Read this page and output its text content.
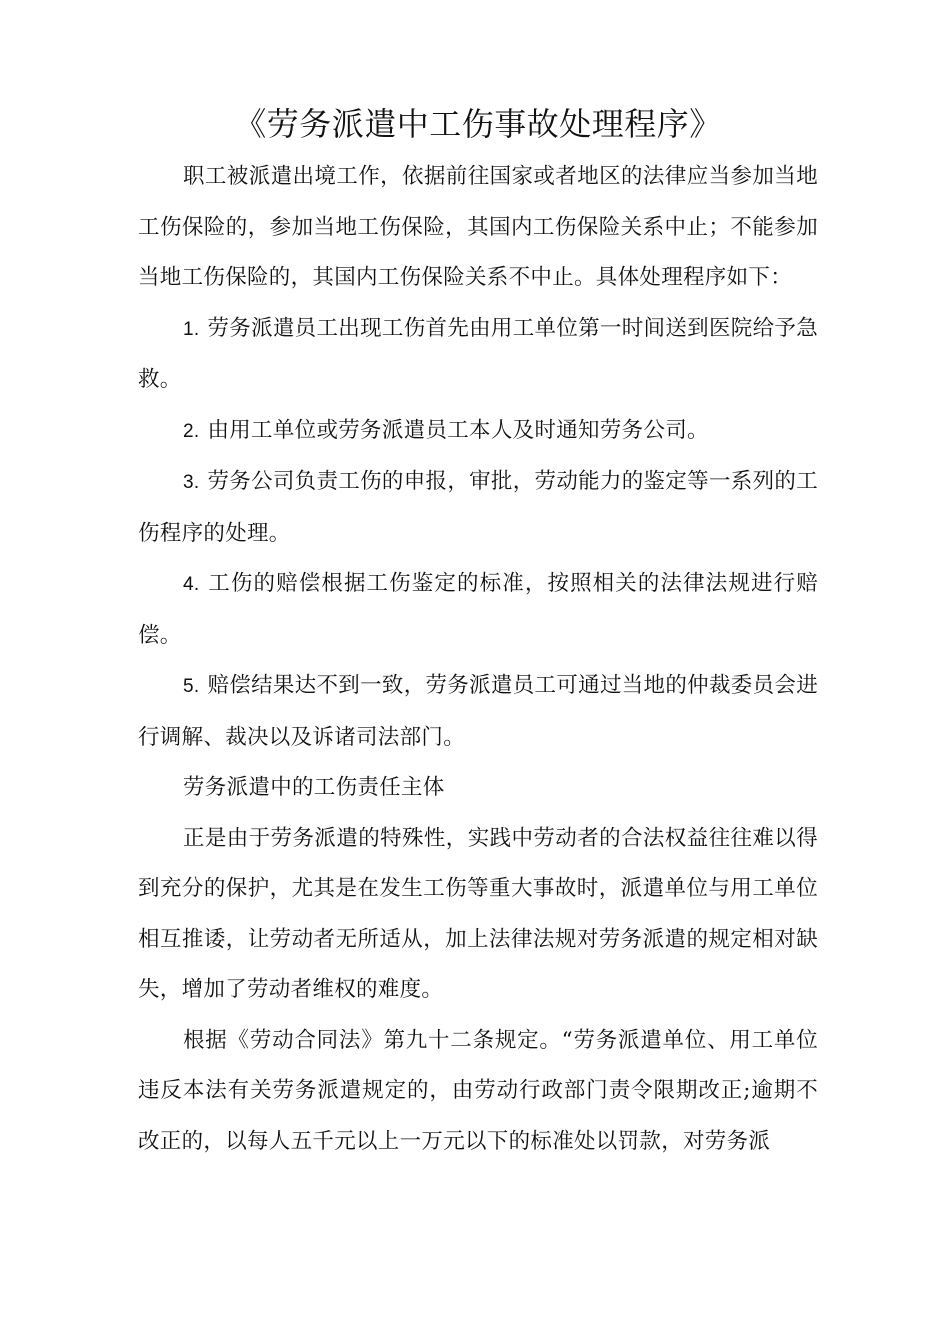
《劳务派遣中工伤事故处理程序》

职工被派遣出境工作，依据前往国家或者地区的法律应当参加当地工伤保险的，参加当地工伤保险，其国内工伤保险关系中止；不能参加当地工伤保险的，其国内工伤保险关系不中止。具体处理程序如下：

1. 劳务派遣员工出现工伤首先由用工单位第一时间送到医院给予急救。

2. 由用工单位或劳务派遣员工本人及时通知劳务公司。

3. 劳务公司负责工伤的申报，审批，劳动能力的鉴定等一系列的工伤程序的处理。

4. 工伤的赔偿根据工伤鉴定的标准，按照相关的法律法规进行赔偿。

5. 赔偿结果达不到一致，劳务派遣员工可通过当地的仲裁委员会进行调解、裁决以及诉诸司法部门。

劳务派遣中的工伤责任主体

正是由于劳务派遣的特殊性，实践中劳动者的合法权益往往难以得到充分的保护，尤其是在发生工伤等重大事故时，派遣单位与用工单位相互推诿，让劳动者无所适从，加上法律法规对劳务派遣的规定相对缺失，增加了劳动者维权的难度。

根据《劳动合同法》第九十二条规定。“劳务派遣单位、用工单位违反本法有关劳务派遣规定的，由劳动行政部门责令限期改正;逾期不改正的，以每人五千元以上一万元以下的标准处以罚款，对劳务派
